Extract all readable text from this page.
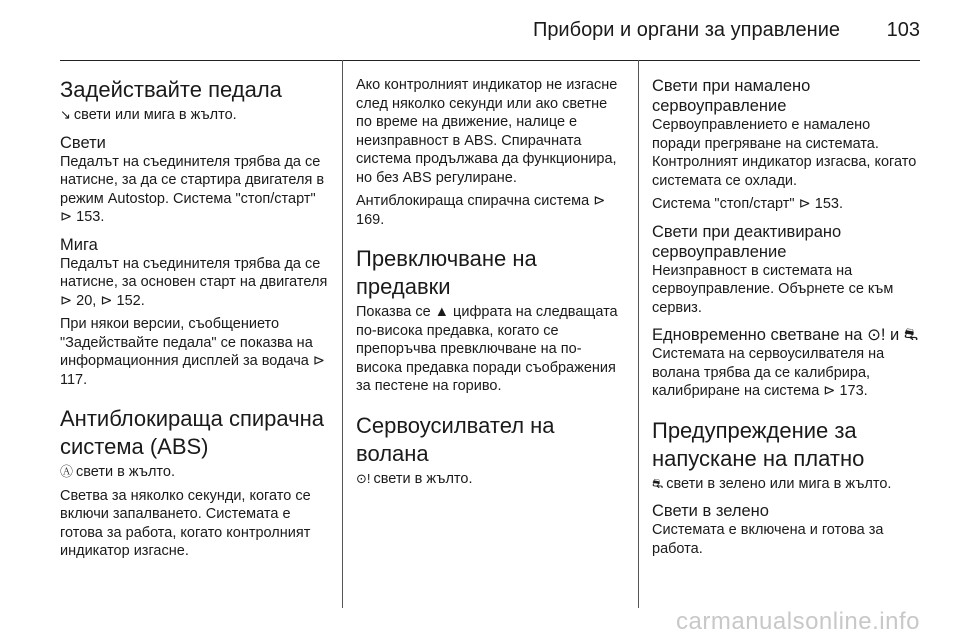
Прибори и органи за управление 103
Задействайте педала

↘ свети или мига в жълто.

Свети

Педалът на съединителя трябва да се натисне, за да се стартира двигателя в режим Autostop. Система "стоп/старт" ⊳ 153.

Мига

Педалът на съединителя трябва да се натисне, за основен старт на двигателя ⊳ 20, ⊳ 152.

При някои версии, съобщението "Задействайте педала" се показва на информационния дисплей за водача ⊳ 117.

Антиблокираща спирачна система (ABS)

Ⓐ свети в жълто.

Светва за няколко секунди, когато се включи запалването. Системата е готова за работа, когато контролният индикатор изгасне.

Ако контролният индикатор не изгасне след няколко секунди или ако светне по време на движение, налице е неизправност в ABS. Спирачната система продължава да функционира, но без ABS регулиране.

Антиблокираща спирачна система ⊳ 169.

Превключване на предавки

Показва се ▲ цифрата на следващата по-висока предавка, когато се препоръчва превключване на по-висока предавка поради съображения за пестене на гориво.

Сервоусилвател на волана

⊙! свети в жълто.

Свети при намалено сервоуправление

Сервоуправлението е намалено поради прегряване на системата. Контролният индикатор изгасва, когато системата се охлади.

Система "стоп/старт" ⊳ 153.

Свети при деактивирано сервоуправление

Неизправност в системата на сервоуправление. Обърнете се към сервиз.

Едновременно светване на ⊙! и ⛐

Системата на сервоусилвателя на волана трябва да се калибрира, калибриране на система ⊳ 173.

Предупреждение за напускане на платно

⛐ свети в зелено или мига в жълто.

Свети в зелено

Системата е включена и готова за работа.

carmanualsonline.info
